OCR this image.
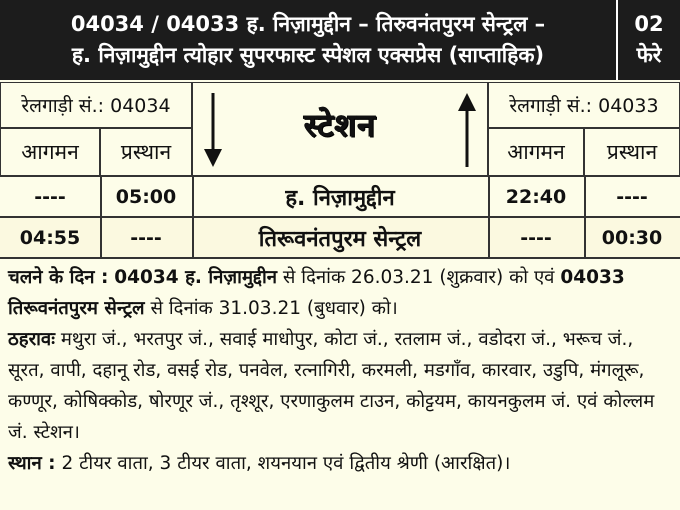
04034 / 04033 ह. निज़ामुद्दीन – तिरुवनंतपुरम सेन्ट्रल –
ह. निज़ामुद्दीन त्योहार सुपरफास्ट स्पेशल एक्सप्रेस (साप्ताहिक)
02
फेरे
रेलगाड़ी सं.: 04034
आगमन	प्रस्थान
रेलगाड़ी सं.: 04033
आगमन	प्रस्थान
स्टेशन
----	05:00	ह. निज़ामुद्दीन	22:40	----
04:55	----	तिरूवनंतपुरम सेन्ट्रल	----	00:30

चलने के दिन : 04034 ह. निज़ामुद्दीन से दिनांक 26.03.21 (शुक्रवार) को एवं 04033 तिरूवनंतपुरम सेन्ट्रल से दिनांक 31.03.21 (बुधवार) को।

ठहरावः मथुरा जं., भरतपुर जं., सवाई माधोपुर, कोटा जं., रतलाम जं., वडोदरा जं., भरूच जं., सूरत, वापी, दहानू रोड, वसई रोड, पनवेल, रत्नागिरी, करमली, मडगाँव, कारवार, उडुपि, मंगलूरू, कण्णूर, कोषिक्कोड, षोरणूर जं., तृश्शूर, एरणाकुलम टाउन, कोट्टयम, कायनकुलम जं. एवं कोल्लम जं. स्टेशन।

स्थान : 2 टीयर वाता, 3 टीयर वाता, शयनयान एवं द्वितीय श्रेणी (आरक्षित)।
